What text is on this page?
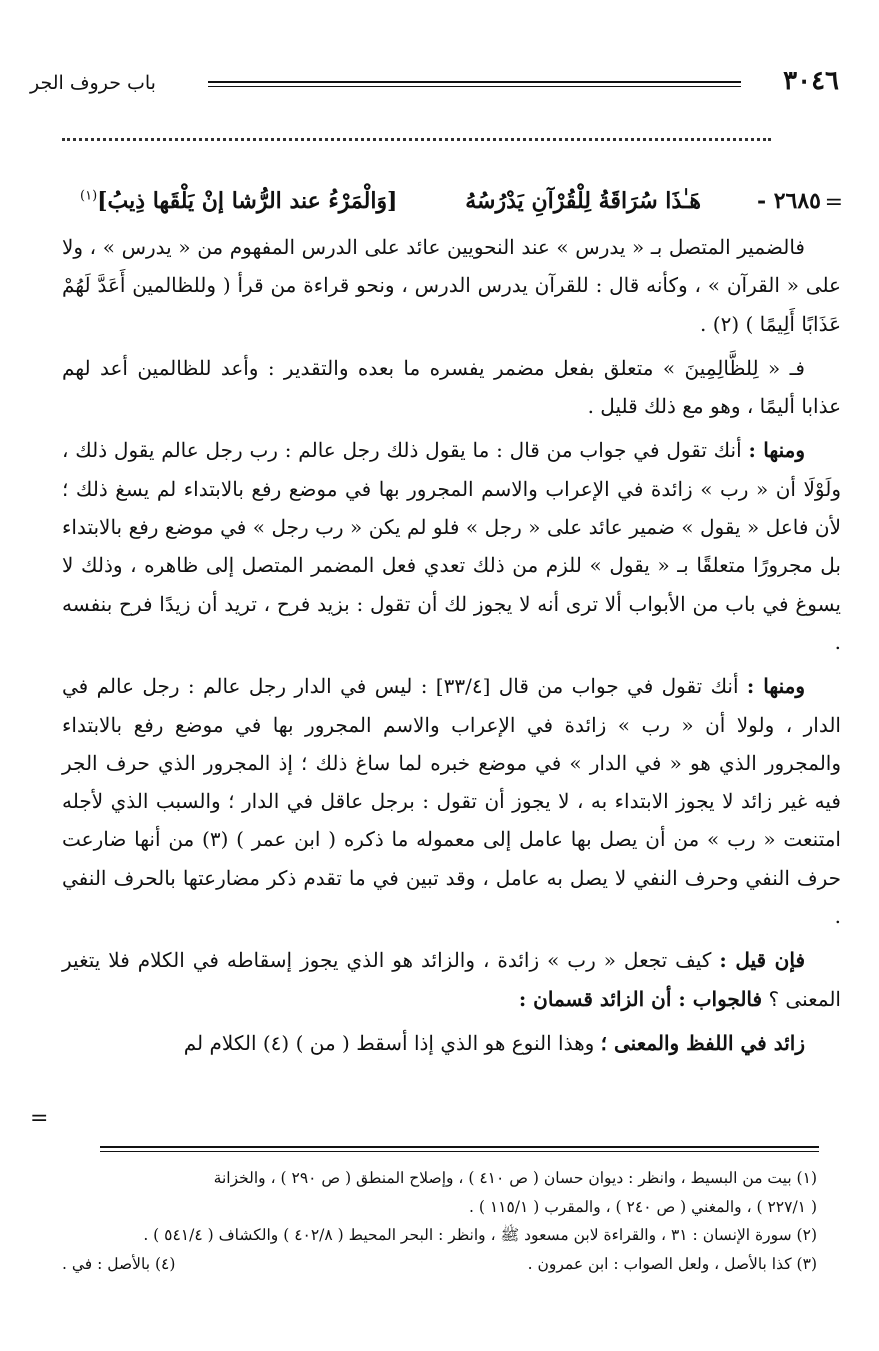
٣٠٤٦
باب حروف الجر
=
٢٦٨٥ -
هَـٰذَا سُرَاقَةُ لِلْقُرْآنِ يَدْرُسُهُ
[وَالْمَرْءُ عند الرُّشا إنْ يَلْقَها ذِيبُ]$^{(١)}$

فالضمير المتصل بـ « يدرس » عند النحويين عائد على الدرس المفهوم من « يدرس » ، ولا على « القرآن » ، وكأنه قال : للقرآن يدرس الدرس ، ونحو قراءة من قرأ ( وللظالمين أَعَدَّ لَهُمْ عَذَابًا أَلِيمًا ) (٢) .

فـ « لِلظَّالِمِينَ » متعلق بفعل مضمر يفسره ما بعده والتقدير : وأعد للظالمين أعد لهم عذابا أليمًا ، وهو مع ذلك قليل .

ومنها : أنك تقول في جواب من قال : ما يقول ذلك رجل عالم : رب رجل عالم يقول ذلك ، ولَوْلَا أن « رب » زائدة في الإعراب والاسم المجرور بها في موضع رفع بالابتداء لم يسغ ذلك ؛ لأن فاعل « يقول » ضمير عائد على « رجل » فلو لم يكن « رب رجل » في موضع رفع بالابتداء بل مجرورًا متعلقًا بـ « يقول » للزم من ذلك تعدي فعل المضمر المتصل إلى ظاهره ، وذلك لا يسوغ في باب من الأبواب ألا ترى أنه لا يجوز لك أن تقول : بزيد فرح ، تريد أن زيدًا فرح بنفسه .

ومنها : أنك تقول في جواب من قال [٣٣/٤] : ليس في الدار رجل عالم : رجل عالم في الدار ، ولولا أن « رب » زائدة في الإعراب والاسم المجرور بها في موضع رفع بالابتداء والمجرور الذي هو « في الدار » في موضع خبره لما ساغ ذلك ؛ إذ المجرور الذي حرف الجر فيه غير زائد لا يجوز الابتداء به ، لا يجوز أن تقول : برجل عاقل في الدار ؛ والسبب الذي لأجله امتنعت « رب » من أن يصل بها عامل إلى معموله ما ذكره ( ابن عمر ) (٣) من أنها ضارعت حرف النفي وحرف النفي لا يصل به عامل ، وقد تبين في ما تقدم ذكر مضارعتها بالحرف النفي .

فإن قيل : كيف تجعل « رب » زائدة ، والزائد هو الذي يجوز إسقاطه في الكلام فلا يتغير المعنى ؟ فالجواب : أن الزائد قسمان :

زائد في اللفظ والمعنى ؛ وهذا النوع هو الذي إذا أسقط ( من ) (٤) الكلام لم

=
(١) بيت من البسيط ، وانظر : ديوان حسان ( ص ٤١٠ ) ، وإصلاح المنطق ( ص ٢٩٠ ) ، والخزانة
( ٢٢٧/١ ) ، والمغني ( ص ٢٤٠ ) ، والمقرب ( ١١٥/١ ) .
(٢) سورة الإنسان : ٣١ ، والقراءة لابن مسعود ﷺ ، وانظر : البحر المحيط ( ٤٠٢/٨ ) والكشاف ( ٥٤١/٤ ) .
(٣) كذا بالأصل ، ولعل الصواب : ابن عمرون .
(٤) بالأصل : في .
